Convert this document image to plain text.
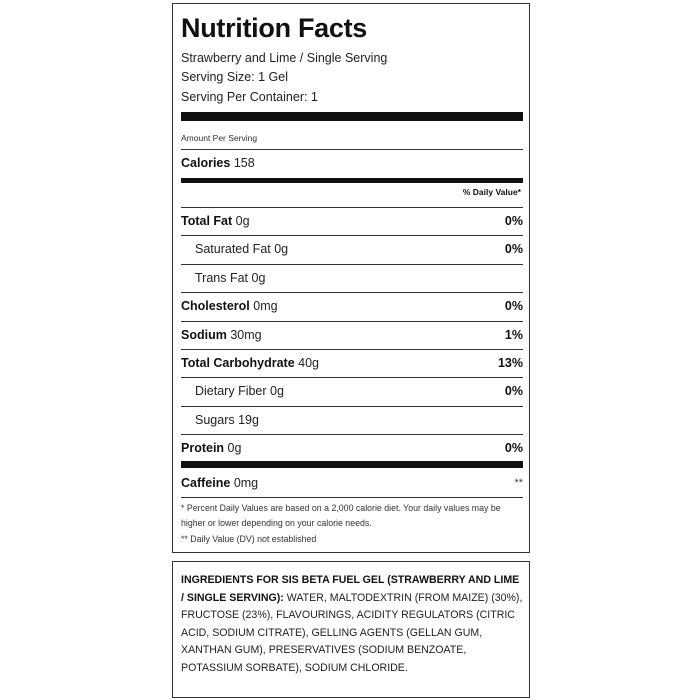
Nutrition Facts
Strawberry and Lime / Single Serving
Serving Size: 1 Gel
Serving Per Container: 1
Amount Per Serving
Calories 158
% Daily Value*
Total Fat 0g	0%
Saturated Fat 0g	0%
Trans Fat 0g
Cholesterol 0mg	0%
Sodium 30mg	1%
Total Carbohydrate 40g	13%
Dietary Fiber 0g	0%
Sugars 19g
Protein 0g	0%
Caffeine 0mg	**
* Percent Daily Values are based on a 2,000 calorie diet. Your daily values may be higher or lower depending on your calorie needs.
** Daily Value (DV) not established
INGREDIENTS FOR SIS BETA FUEL GEL (STRAWBERRY AND LIME / SINGLE SERVING): WATER, MALTODEXTRIN (FROM MAIZE) (30%), FRUCTOSE (23%), FLAVOURINGS, ACIDITY REGULATORS (CITRIC ACID, SODIUM CITRATE), GELLING AGENTS (GELLAN GUM, XANTHAN GUM), PRESERVATIVES (SODIUM BENZOATE, POTASSIUM SORBATE), SODIUM CHLORIDE.
